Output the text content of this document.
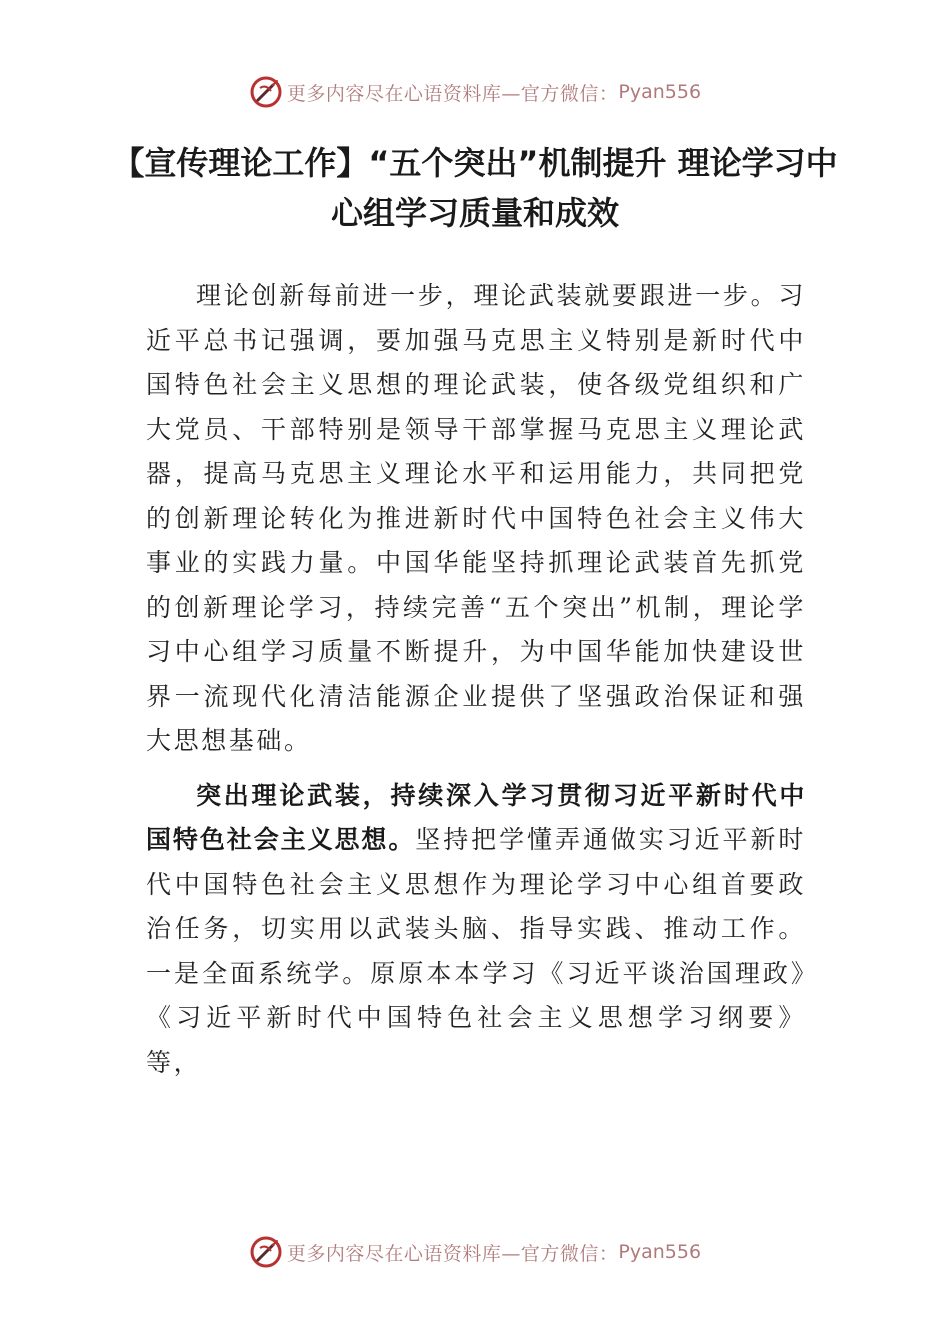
更多内容尽在心语资料库—官方微信： Pyan556
【宣传理论工作】“五个突出”机制提升 理论学习中心组学习质量和成效

理论创新每前进一步，理论武装就要跟进一步。习近平总书记强调，要加强马克思主义特别是新时代中国特色社会主义思想的理论武装，使各级党组织和广大党员、干部特别是领导干部掌握马克思主义理论武器，提高马克思主义理论水平和运用能力，共同把党的创新理论转化为推进新时代中国特色社会主义伟大事业的实践力量。中国华能坚持抓理论武装首先抓党的创新理论学习，持续完善“五个突出”机制，理论学习中心组学习质量不断提升，为中国华能加快建设世界一流现代化清洁能源企业提供了坚强政治保证和强大思想基础。

突出理论武装，持续深入学习贯彻习近平新时代中国特色社会主义思想。坚持把学懂弄通做实习近平新时代中国特色社会主义思想作为理论学习中心组首要政治任务，切实用以武装头脑、指导实践、推动工作。一是全面系统学。原原本本学习《习近平谈治国理政》《习近平新时代中国特色社会主义思想学习纲要》等，

更多内容尽在心语资料库—官方微信： Pyan556
